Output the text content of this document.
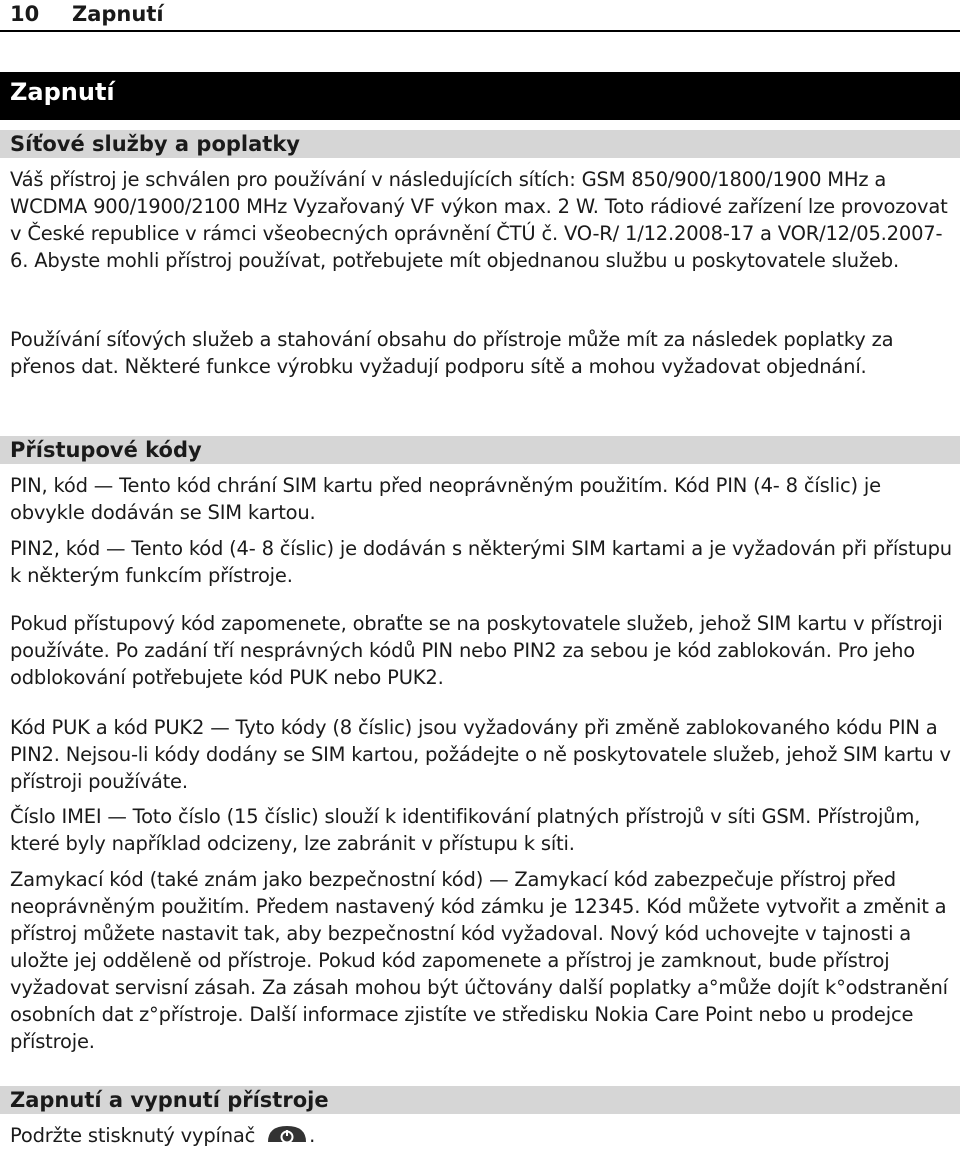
10 Zapnutí
Zapnutí
Síťové služby a poplatky

Váš přístroj je schválen pro používání v následujících sítích: GSM 850/900/1800/1900 MHz a WCDMA 900/1900/2100 MHz Vyzařovaný VF výkon max. 2 W. Toto rádiové zařízení lze provozovat v České republice v rámci všeobecných oprávnění ČTÚ č. VO-R/ 1/12.2008-17 a VOR/12/05.2007-6. Abyste mohli přístroj používat, potřebujete mít objednanou službu u poskytovatele služeb.

Používání síťových služeb a stahování obsahu do přístroje může mít za následek poplatky za přenos dat. Některé funkce výrobku vyžadují podporu sítě a mohou vyžadovat objednání.

Přístupové kódy

PIN, kód — Tento kód chrání SIM kartu před neoprávněným použitím. Kód PIN (4- 8 číslic) je obvykle dodáván se SIM kartou.

PIN2, kód — Tento kód (4- 8 číslic) je dodáván s některými SIM kartami a je vyžadován při přístupu k některým funkcím přístroje.

Pokud přístupový kód zapomenete, obraťte se na poskytovatele služeb, jehož SIM kartu v přístroji používáte. Po zadání tří nesprávných kódů PIN nebo PIN2 za sebou je kód zablokován. Pro jeho odblokování potřebujete kód PUK nebo PUK2.

Kód PUK a kód PUK2 — Tyto kódy (8 číslic) jsou vyžadovány při změně zablokovaného kódu PIN a PIN2. Nejsou-li kódy dodány se SIM kartou, požádejte o ně poskytovatele služeb, jehož SIM kartu v přístroji používáte.

Číslo IMEI — Toto číslo (15 číslic) slouží k identifikování platných přístrojů v síti GSM. Přístrojům, které byly například odcizeny, lze zabránit v přístupu k síti.

Zamykací kód (také znám jako bezpečnostní kód) — Zamykací kód zabezpečuje přístroj před neoprávněným použitím. Předem nastavený kód zámku je 12345. Kód můžete vytvořit a změnit a přístroj můžete nastavit tak, aby bezpečnostní kód vyžadoval. Nový kód uchovejte v tajnosti a uložte jej odděleně od přístroje. Pokud kód zapomenete a přístroj je zamknout, bude přístroj vyžadovat servisní zásah. Za zásah mohou být účtovány další poplatky a°může dojít k°odstranění osobních dat z°přístroje. Další informace zjistíte ve středisku Nokia Care Point nebo u prodejce přístroje.

Zapnutí a vypnutí přístroje

Podržte stisknutý vypínač	.
